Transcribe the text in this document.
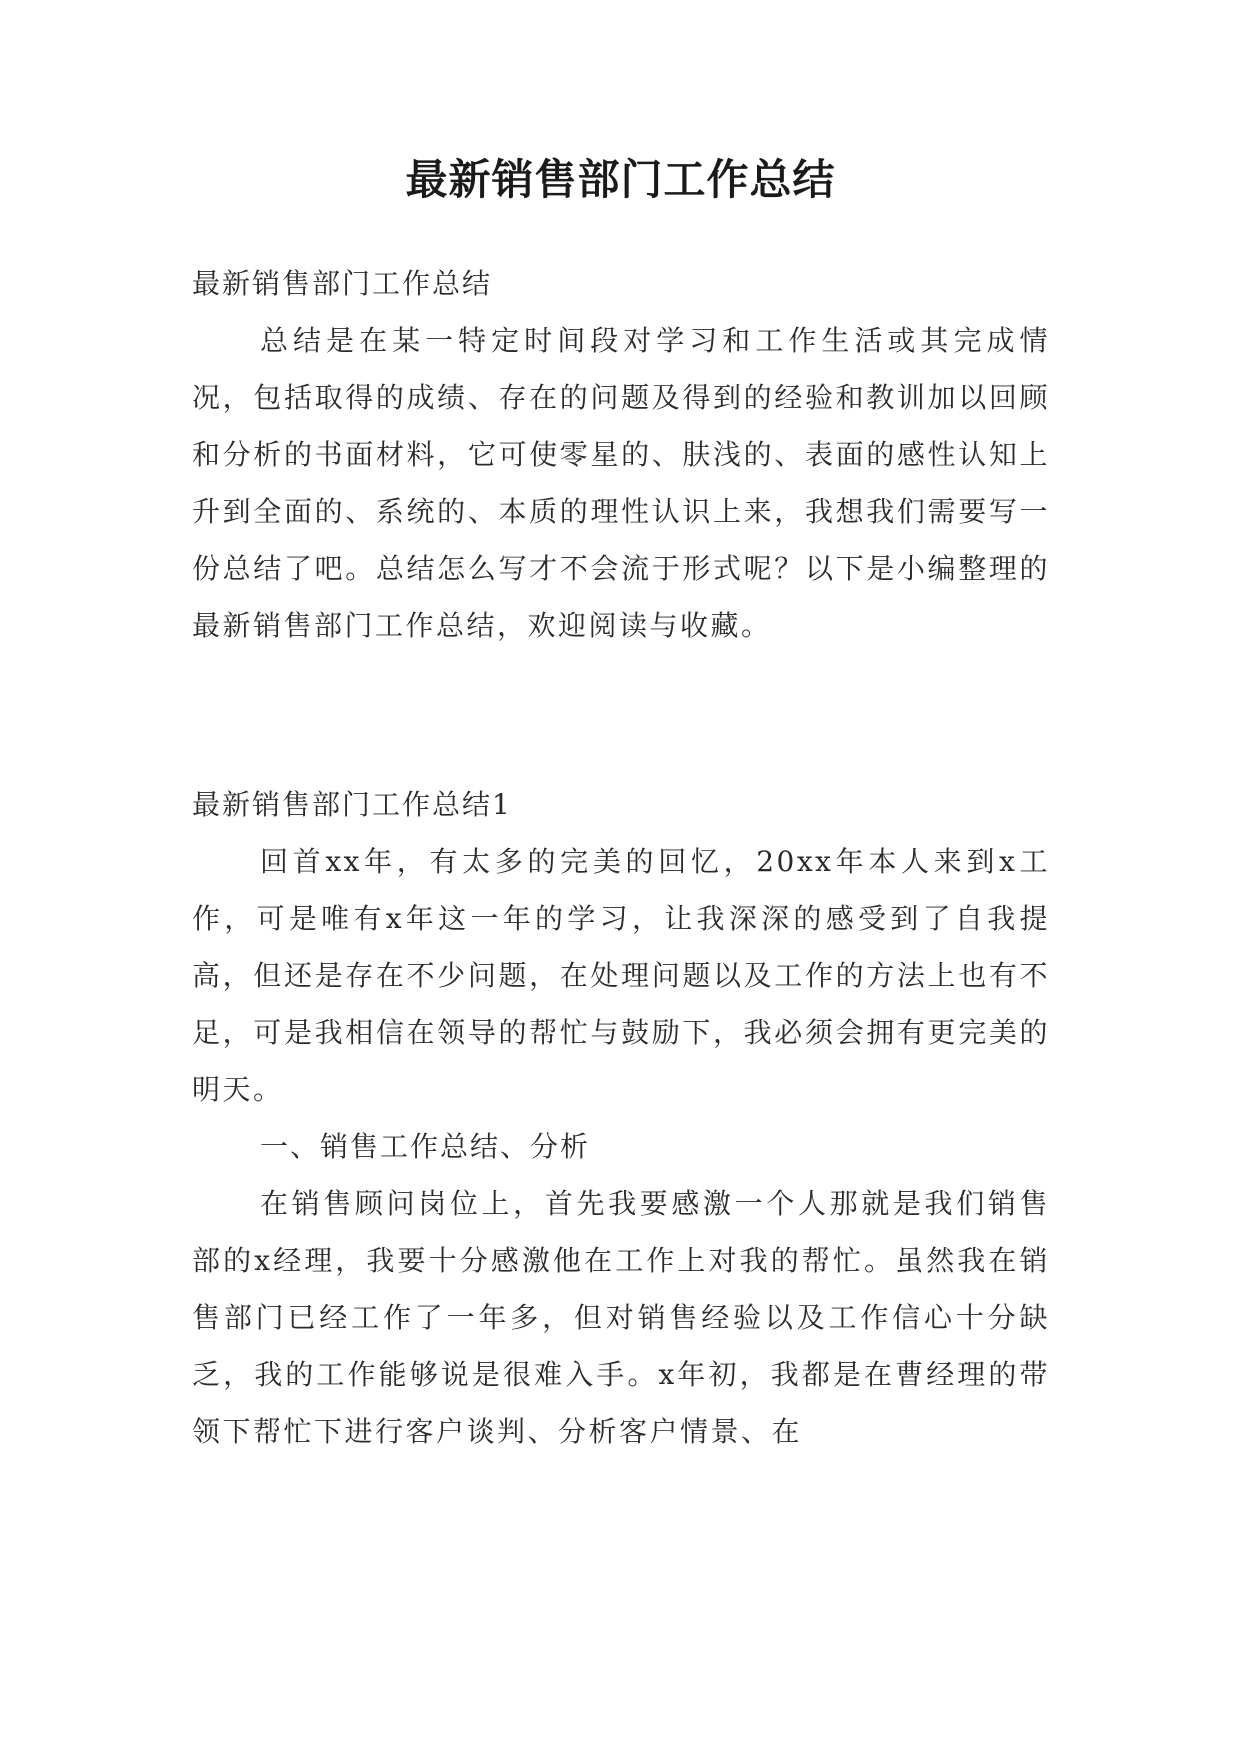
最新销售部门工作总结
最新销售部门工作总结
总结是在某一特定时间段对学习和工作生活或其完成情况，包括取得的成绩、存在的问题及得到的经验和教训加以回顾和分析的书面材料，它可使零星的、肤浅的、表面的感性认知上升到全面的、系统的、本质的理性认识上来，我想我们需要写一份总结了吧。总结怎么写才不会流于形式呢？以下是小编整理的最新销售部门工作总结，欢迎阅读与收藏。
最新销售部门工作总结1
回首xx年，有太多的完美的回忆，20xx年本人来到x工作，可是唯有x年这一年的学习，让我深深的感受到了自我提高，但还是存在不少问题，在处理问题以及工作的方法上也有不足，可是我相信在领导的帮忙与鼓励下，我必须会拥有更完美的明天。
一、销售工作总结、分析
在销售顾问岗位上，首先我要感激一个人那就是我们销售部的x经理，我要十分感激他在工作上对我的帮忙。虽然我在销售部门已经工作了一年多，但对销售经验以及工作信心十分缺乏，我的工作能够说是很难入手。x年初，我都是在曹经理的带领下帮忙下进行客户谈判、分析客户情景、在
